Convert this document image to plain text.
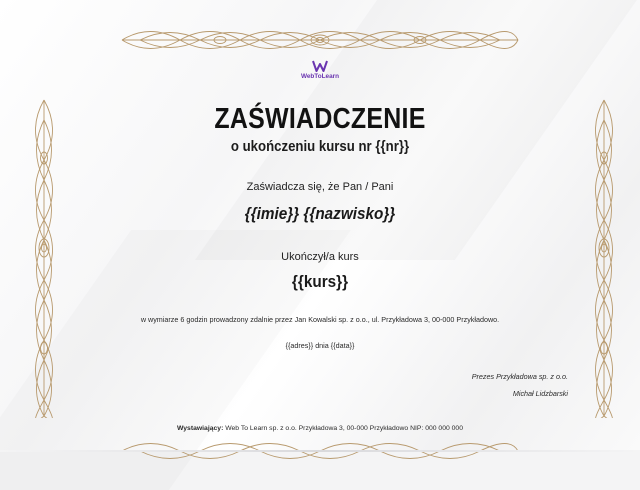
WebToLearn
ZAŚWIADCZENIE
o ukończeniu kursu nr {{nr}}
Zaświadcza się, że Pan / Pani
{{imie}} {{nazwisko}}
Ukończył/a kurs
{{kurs}}
w wymiarze 6 godzin prowadzony zdalnie przez Jan Kowalski sp. z o.o., ul. Przykładowa 3, 00-000 Przykładowo.
{{adres}} dnia {{data}}
Prezes Przykładowa sp. z o.o.
Michał Lidzbarski
Wystawiający: Web To Learn sp. z o.o. Przykładowa 3, 00-000 Przykładowo NIP: 000 000 000
